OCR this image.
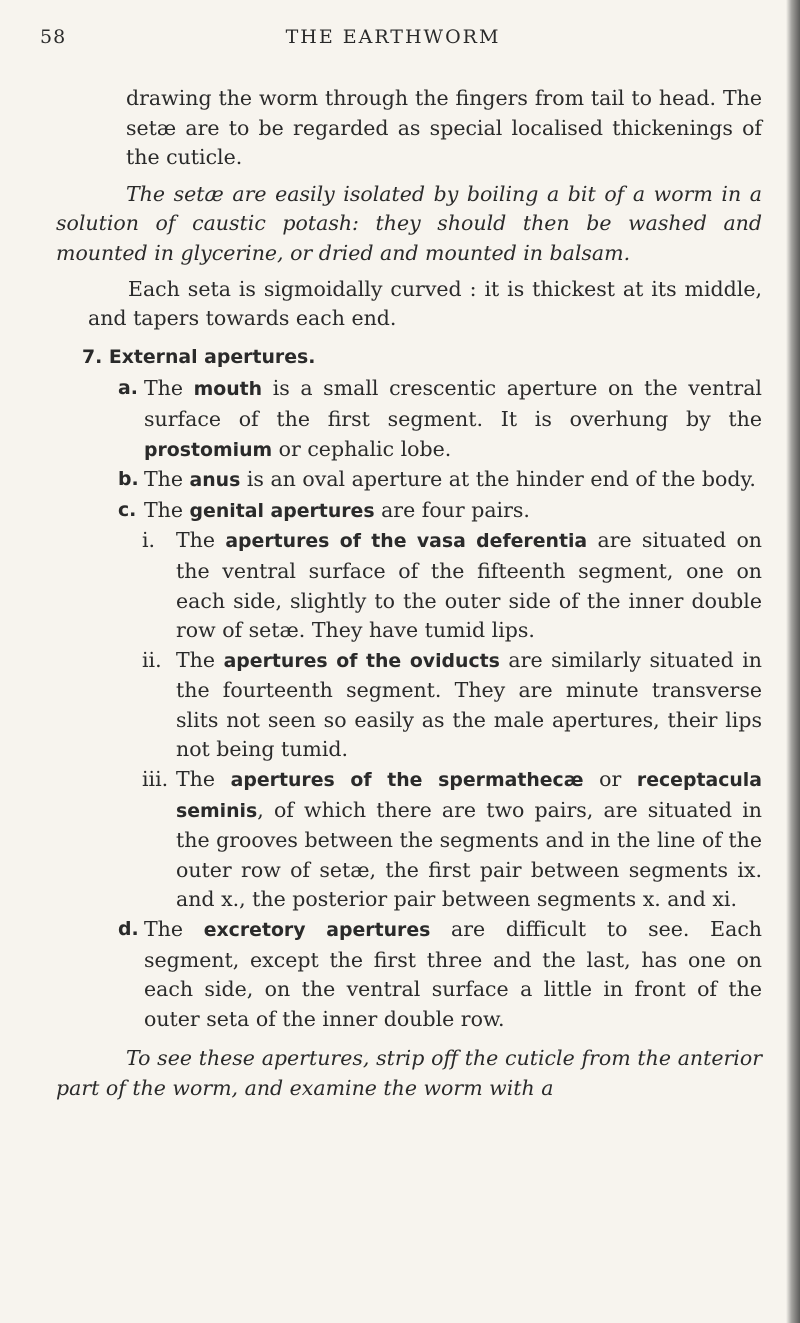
58	THE EARTHWORM

drawing the worm through the fingers from tail to head. The setæ are to be regarded as special localised thickenings of the cuticle.

The setæ are easily isolated by boiling a bit of a worm in a solution of caustic potash: they should then be washed and mounted in glycerine, or dried and mounted in balsam.

Each seta is sigmoidally curved : it is thickest at its middle, and tapers towards each end.

7. External apertures.

a. The mouth is a small crescentic aperture on the ventral surface of the first segment. It is overhung by the prostomium or cephalic lobe.
b. The anus is an oval aperture at the hinder end of the body.
c. The genital apertures are four pairs.
i. The apertures of the vasa deferentia are situated on the ventral surface of the fifteenth segment, one on each side, slightly to the outer side of the inner double row of setæ. They have tumid lips.
ii. The apertures of the oviducts are similarly situated in the fourteenth segment. They are minute transverse slits not seen so easily as the male apertures, their lips not being tumid.
iii. The apertures of the spermathecæ or receptacula seminis, of which there are two pairs, are situated in the grooves between the segments and in the line of the outer row of setæ, the first pair between segments ix. and x., the posterior pair between segments x. and xi.
d. The excretory apertures are difficult to see. Each segment, except the first three and the last, has one on each side, on the ventral surface a little in front of the outer seta of the inner double row.

To see these apertures, strip off the cuticle from the anterior part of the worm, and examine the worm with a
